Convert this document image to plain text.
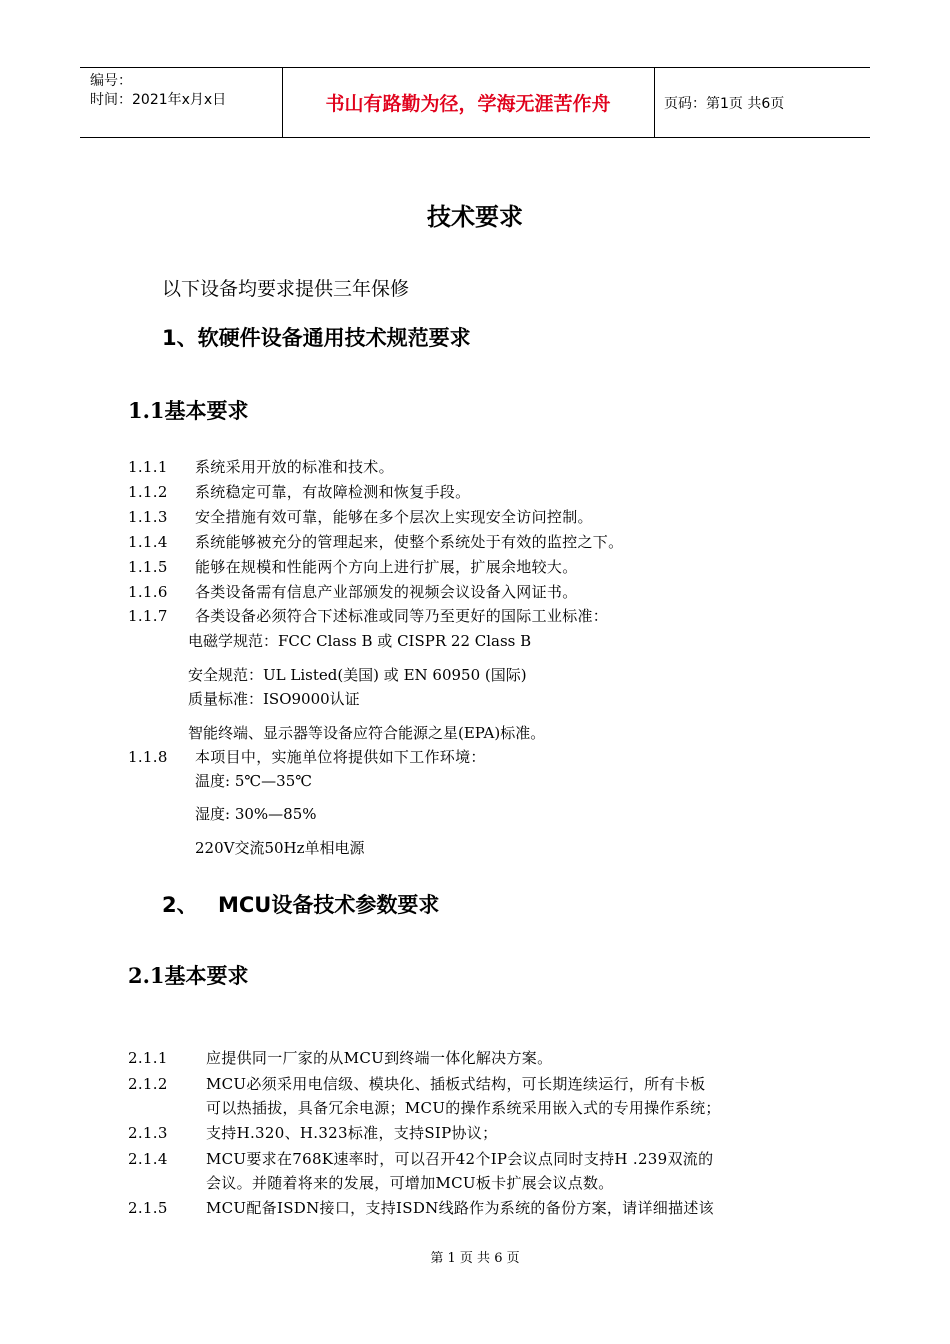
编号：
时间：2021年x月x日	书山有路勤为径，学海无涯苦作舟	页码：第1页 共6页
技术要求
以下设备均要求提供三年保修
1、软硬件设备通用技术规范要求
1.1基本要求
1.1.1 系统采用开放的标准和技术。
1.1.2 系统稳定可靠，有故障检测和恢复手段。
1.1.3 安全措施有效可靠，能够在多个层次上实现安全访问控制。
1.1.4 系统能够被充分的管理起来，使整个系统处于有效的监控之下。
1.1.5 能够在规模和性能两个方向上进行扩展，扩展余地较大。
1.1.6 各类设备需有信息产业部颁发的视频会议设备入网证书。
1.1.7 各类设备必须符合下述标准或同等乃至更好的国际工业标准：
电磁学规范：FCC Class B 或 CISPR 22 Class B
安全规范：UL Listed(美国) 或 EN 60950 (国际)
质量标准：ISO9000认证
智能终端、显示器等设备应符合能源之星(EPA)标准。
1.1.8 本项目中，实施单位将提供如下工作环境：
温度: 5℃—35℃
湿度: 30%—85%
220V交流50Hz单相电源
2、 MCU设备技术参数要求
2.1基本要求
2.1.1	应提供同一厂家的从MCU到终端一体化解决方案。
2.1.2	MCU必须采用电信级、模块化、插板式结构，可长期连续运行，所有卡板
可以热插拔，具备冗余电源；MCU的操作系统采用嵌入式的专用操作系统；
2.1.3	支持H.320、H.323标准，支持SIP协议；
2.1.4	MCU要求在768K速率时，可以召开42个IP会议点同时支持H .239双流的
会议。并随着将来的发展，可增加MCU板卡扩展会议点数。
2.1.5	MCU配备ISDN接口，支持ISDN线路作为系统的备份方案，请详细描述该
第 1 页 共 6 页
